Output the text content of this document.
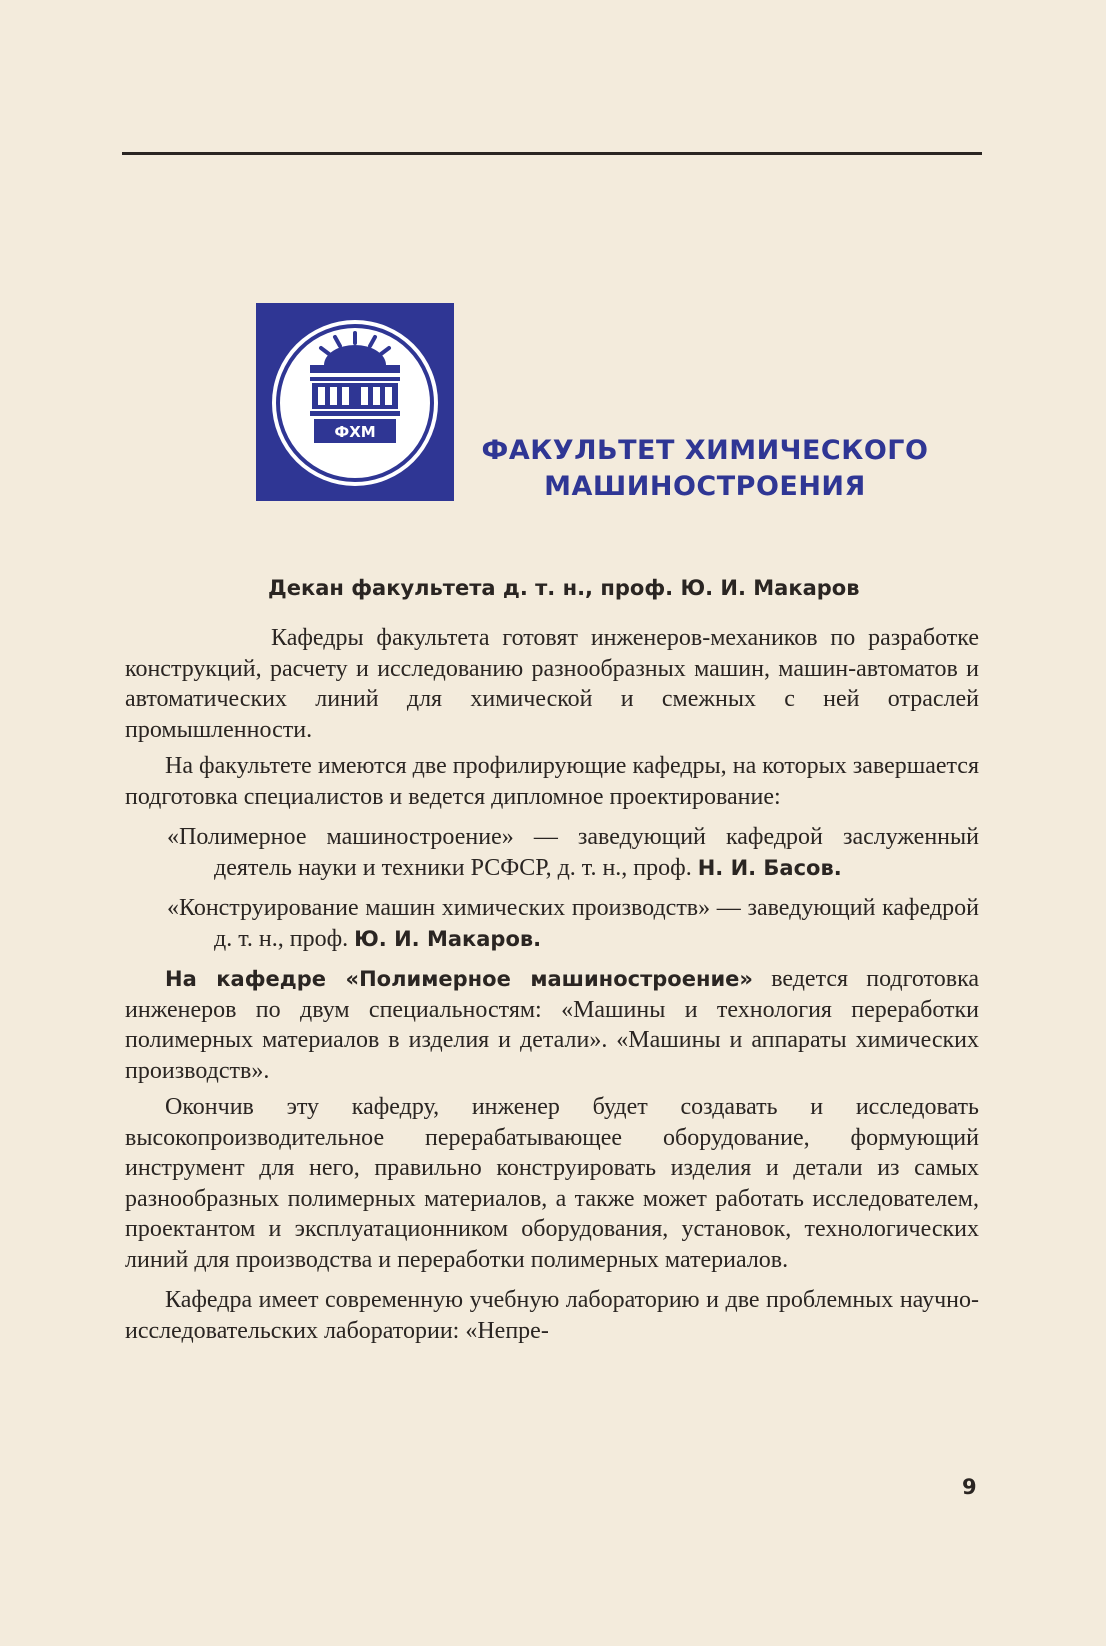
ФХМ
ФАКУЛЬТЕТ ХИМИЧЕСКОГО МАШИНОСТРОЕНИЯ
Декан факультета д. т. н., проф. Ю. И. Макаров

Кафедры факультета готовят инженеров-механиков по разработке конструкций, расчету и исследованию разнообразных машин, машин-автоматов и автоматических линий для химической и смежных с ней отраслей промышленности.

На факультете имеются две профилирующие кафедры, на которых завершается подготовка специалистов и ведется дипломное проектирование:

«Полимерное машиностроение» — заведующий кафедрой заслуженный деятель науки и техники РСФСР, д. т. н., проф. Н. И. Басов.

«Конструирование машин химических производств» — заведующий кафедрой д. т. н., проф. Ю. И. Макаров.

На кафедре «Полимерное машиностроение» ведется подготовка инженеров по двум специальностям: «Машины и технология переработки полимерных материалов в изделия и детали». «Машины и аппараты химических производств».

Окончив эту кафедру, инженер будет создавать и исследовать высокопроизводительное перерабатывающее оборудование, формующий инструмент для него, правильно конструировать изделия и детали из самых разнообразных полимерных материалов, а также может работать исследователем, проектантом и эксплуатационником оборудования, установок, технологических линий для производства и переработки полимерных материалов.

Кафедра имеет современную учебную лабораторию и две проблемных научно-исследовательских лаборатории: «Непре-

9
